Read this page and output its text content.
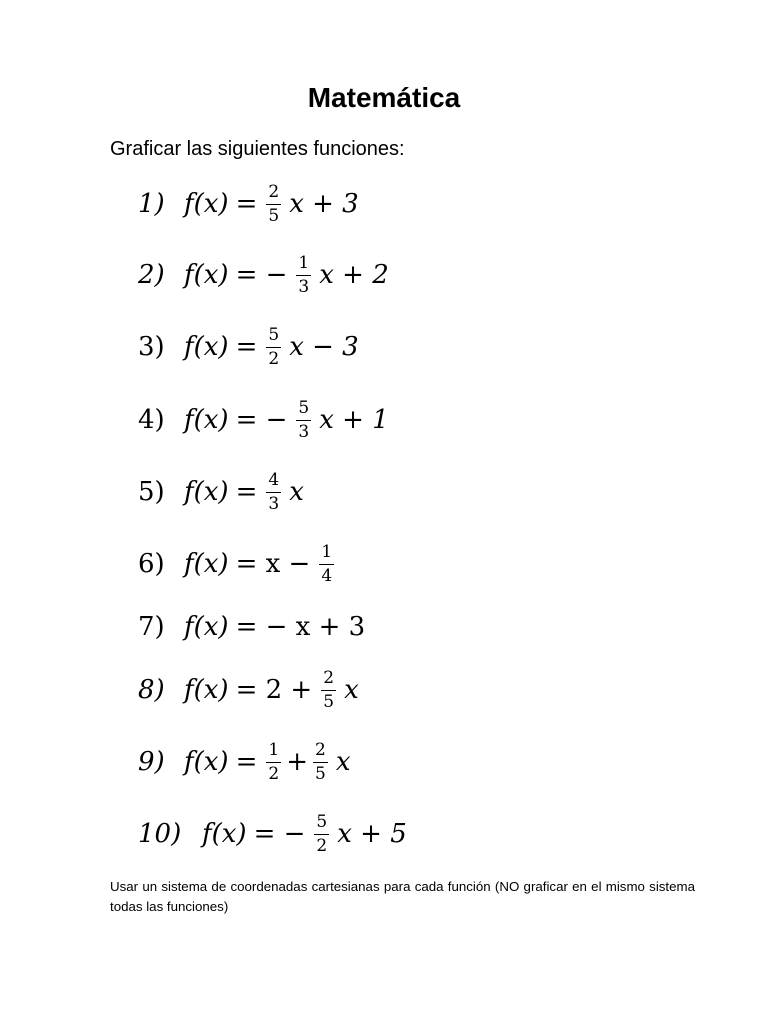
Matemática
Graficar las siguientes funciones:
1) $f(x) = \frac{2}{5}$ x + 3
2) f(x) = − $\frac{1}{3}$ x + 2
3) $f(x) = \frac{5}{2}$ x − 3
4) f(x) = − $\frac{5}{3}$ x + 1
5) $f(x) = \frac{4}{3}$ x
6) $f(x) = x - \frac{1}{4}$
7) f(x) = − x + 3
8) $f(x) = 2 + \frac{2}{5}$ x
9) $f(x) = \frac{1}{2} + \frac{2}{5}$ x
10) f(x) = − $\frac{5}{2}$ x + 5
Usar un sistema de coordenadas cartesianas para cada función (NO graficar en el mismo sistema todas las funciones)
